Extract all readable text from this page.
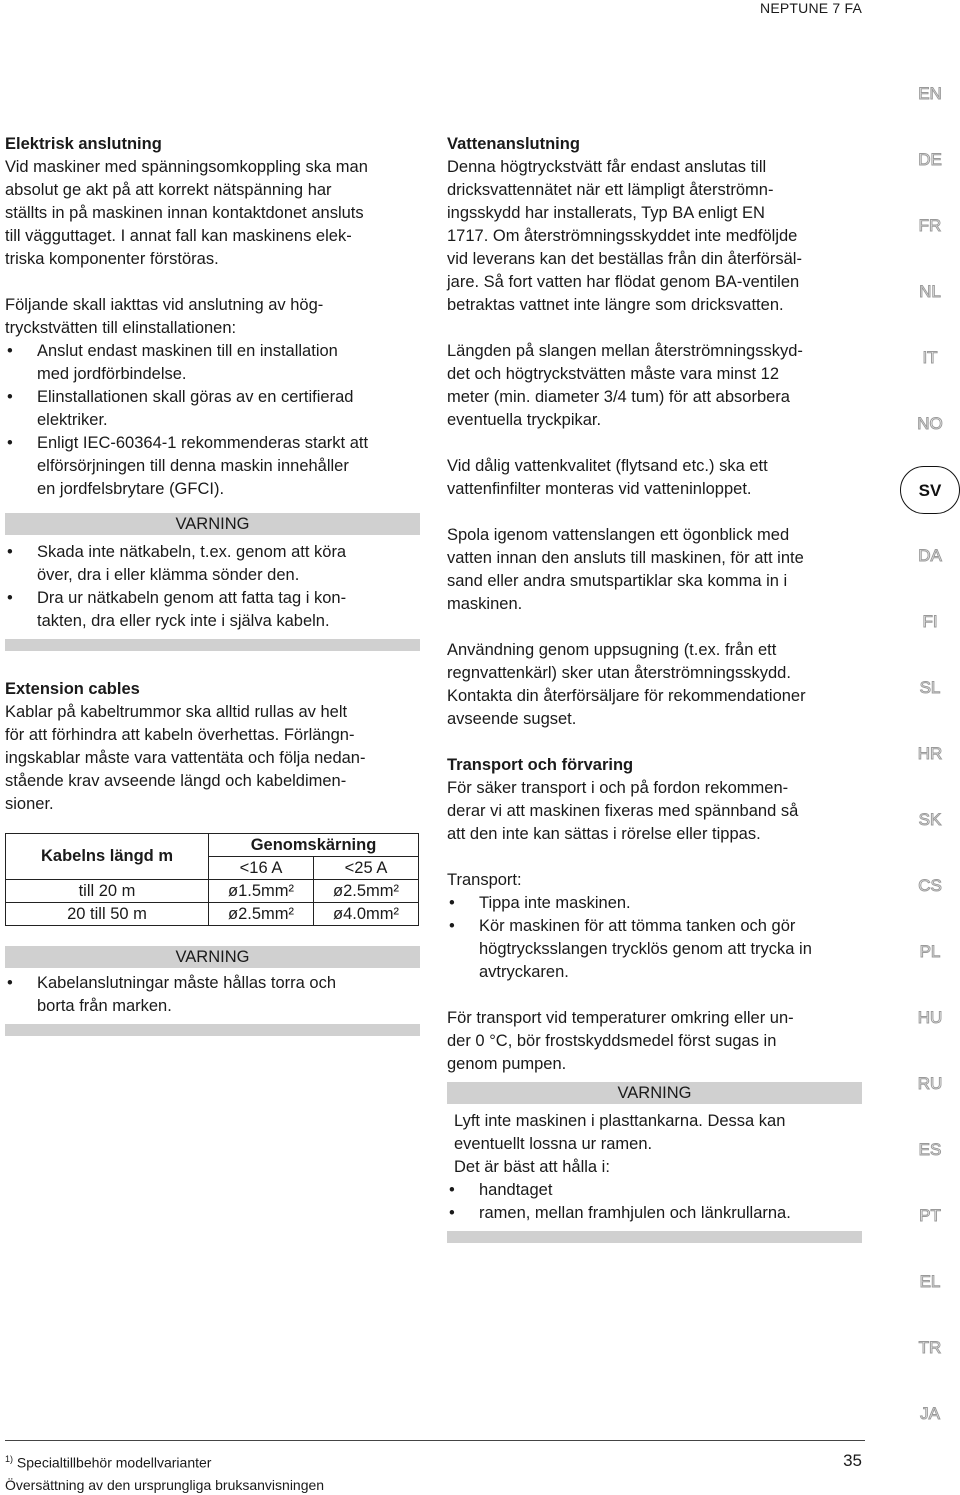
NEPTUNE 7 FA
EN
DE
FR
NL
IT
NO
SV
DA
FI
SL
HR
SK
CS
PL
HU
RU
ES
PT
EL
TR
JA

Elektrisk anslutning

Vid maskiner med spänningsomkoppling ska man
absolut ge akt på att korrekt nätspänning har
ställts in på maskinen innan kontaktdonet ansluts
till vägguttaget. I annat fall kan maskinens elek-
triska komponenter förstöras.
Följande skall iakttas vid anslutning av hög-
tryckstvätten till elinstallationen:
• Anslut endast maskinen till en installation
med jordförbindelse.
• Elinstallationen skall göras av en certifierad
elektriker.
• Enligt IEC-60364-1 rekommenderas starkt att
elförsörjningen till denna maskin innehåller
en jordfelsbrytare (GFCI).
VARNING
• Skada inte nätkabeln, t.ex. genom att köra
över, dra i eller klämma sönder den.
• Dra ur nätkabeln genom att fatta tag i kon-
takten, dra eller ryck inte i själva kabeln.

Extension cables

Kablar på kabeltrummor ska alltid rullas av helt
för att förhindra att kabeln överhettas. Förlängn-
ingskablar måste vara vattentäta och följa nedan-
stående krav avseende längd och kabeldimen-
sioner.
Kabelns längd m	Genomskärning	
	<16 A	<25 A
till 20 m	ø1.5mm²	ø2.5mm²
20 till 50 m	ø2.5mm²	ø4.0mm²
VARNING
• Kabelanslutningar måste hållas torra och
borta från marken.

Vattenanslutning

Denna högtryckstvätt får endast anslutas till
dricksvattennätet när ett lämpligt återströmn-
ingsskydd har installerats, Typ BA enligt EN
1717. Om återströmningsskyddet inte medföljde
vid leverans kan det beställas från din återförsäl-
jare. Så fort vatten har flödat genom BA-ventilen
betraktas vattnet inte längre som dricksvatten.
Längden på slangen mellan återströmningsskyd-
det och högtryckstvätten måste vara minst 12
meter (min. diameter 3/4 tum) för att absorbera
eventuella tryckpikar.
Vid dålig vattenkvalitet (flytsand etc.) ska ett
vattenfinfilter monteras vid vatteninloppet.
Spola igenom vattenslangen ett ögonblick med
vatten innan den ansluts till maskinen, för att inte
sand eller andra smutspartiklar ska komma in i
maskinen.
Användning genom uppsugning (t.ex. från ett
regnvattenkärl) sker utan återströmningsskydd.
Kontakta din återförsäljare för rekommendationer
avseende sugset.

Transport och förvaring

För säker transport i och på fordon rekommen-
derar vi att maskinen fixeras med spännband så
att den inte kan sättas i rörelse eller tippas.

Transport:

• Tippa inte maskinen.
• Kör maskinen för att tömma tanken och gör
högtrycksslangen trycklös genom att trycka in
avtryckaren.
För transport vid temperaturer omkring eller un-
der 0 °C, bör frostskyddsmedel först sugas in
genom pumpen.
VARNING
Lyft inte maskinen i plasttankarna. Dessa kan
eventuellt lossna ur ramen.
Det är bäst att hålla i:
• handtaget
• ramen, mellan framhjulen och länkrullarna.
$^{1)}$ Specialtillbehör modellvarianter	35
Översättning av den ursprungliga bruksanvisningen
